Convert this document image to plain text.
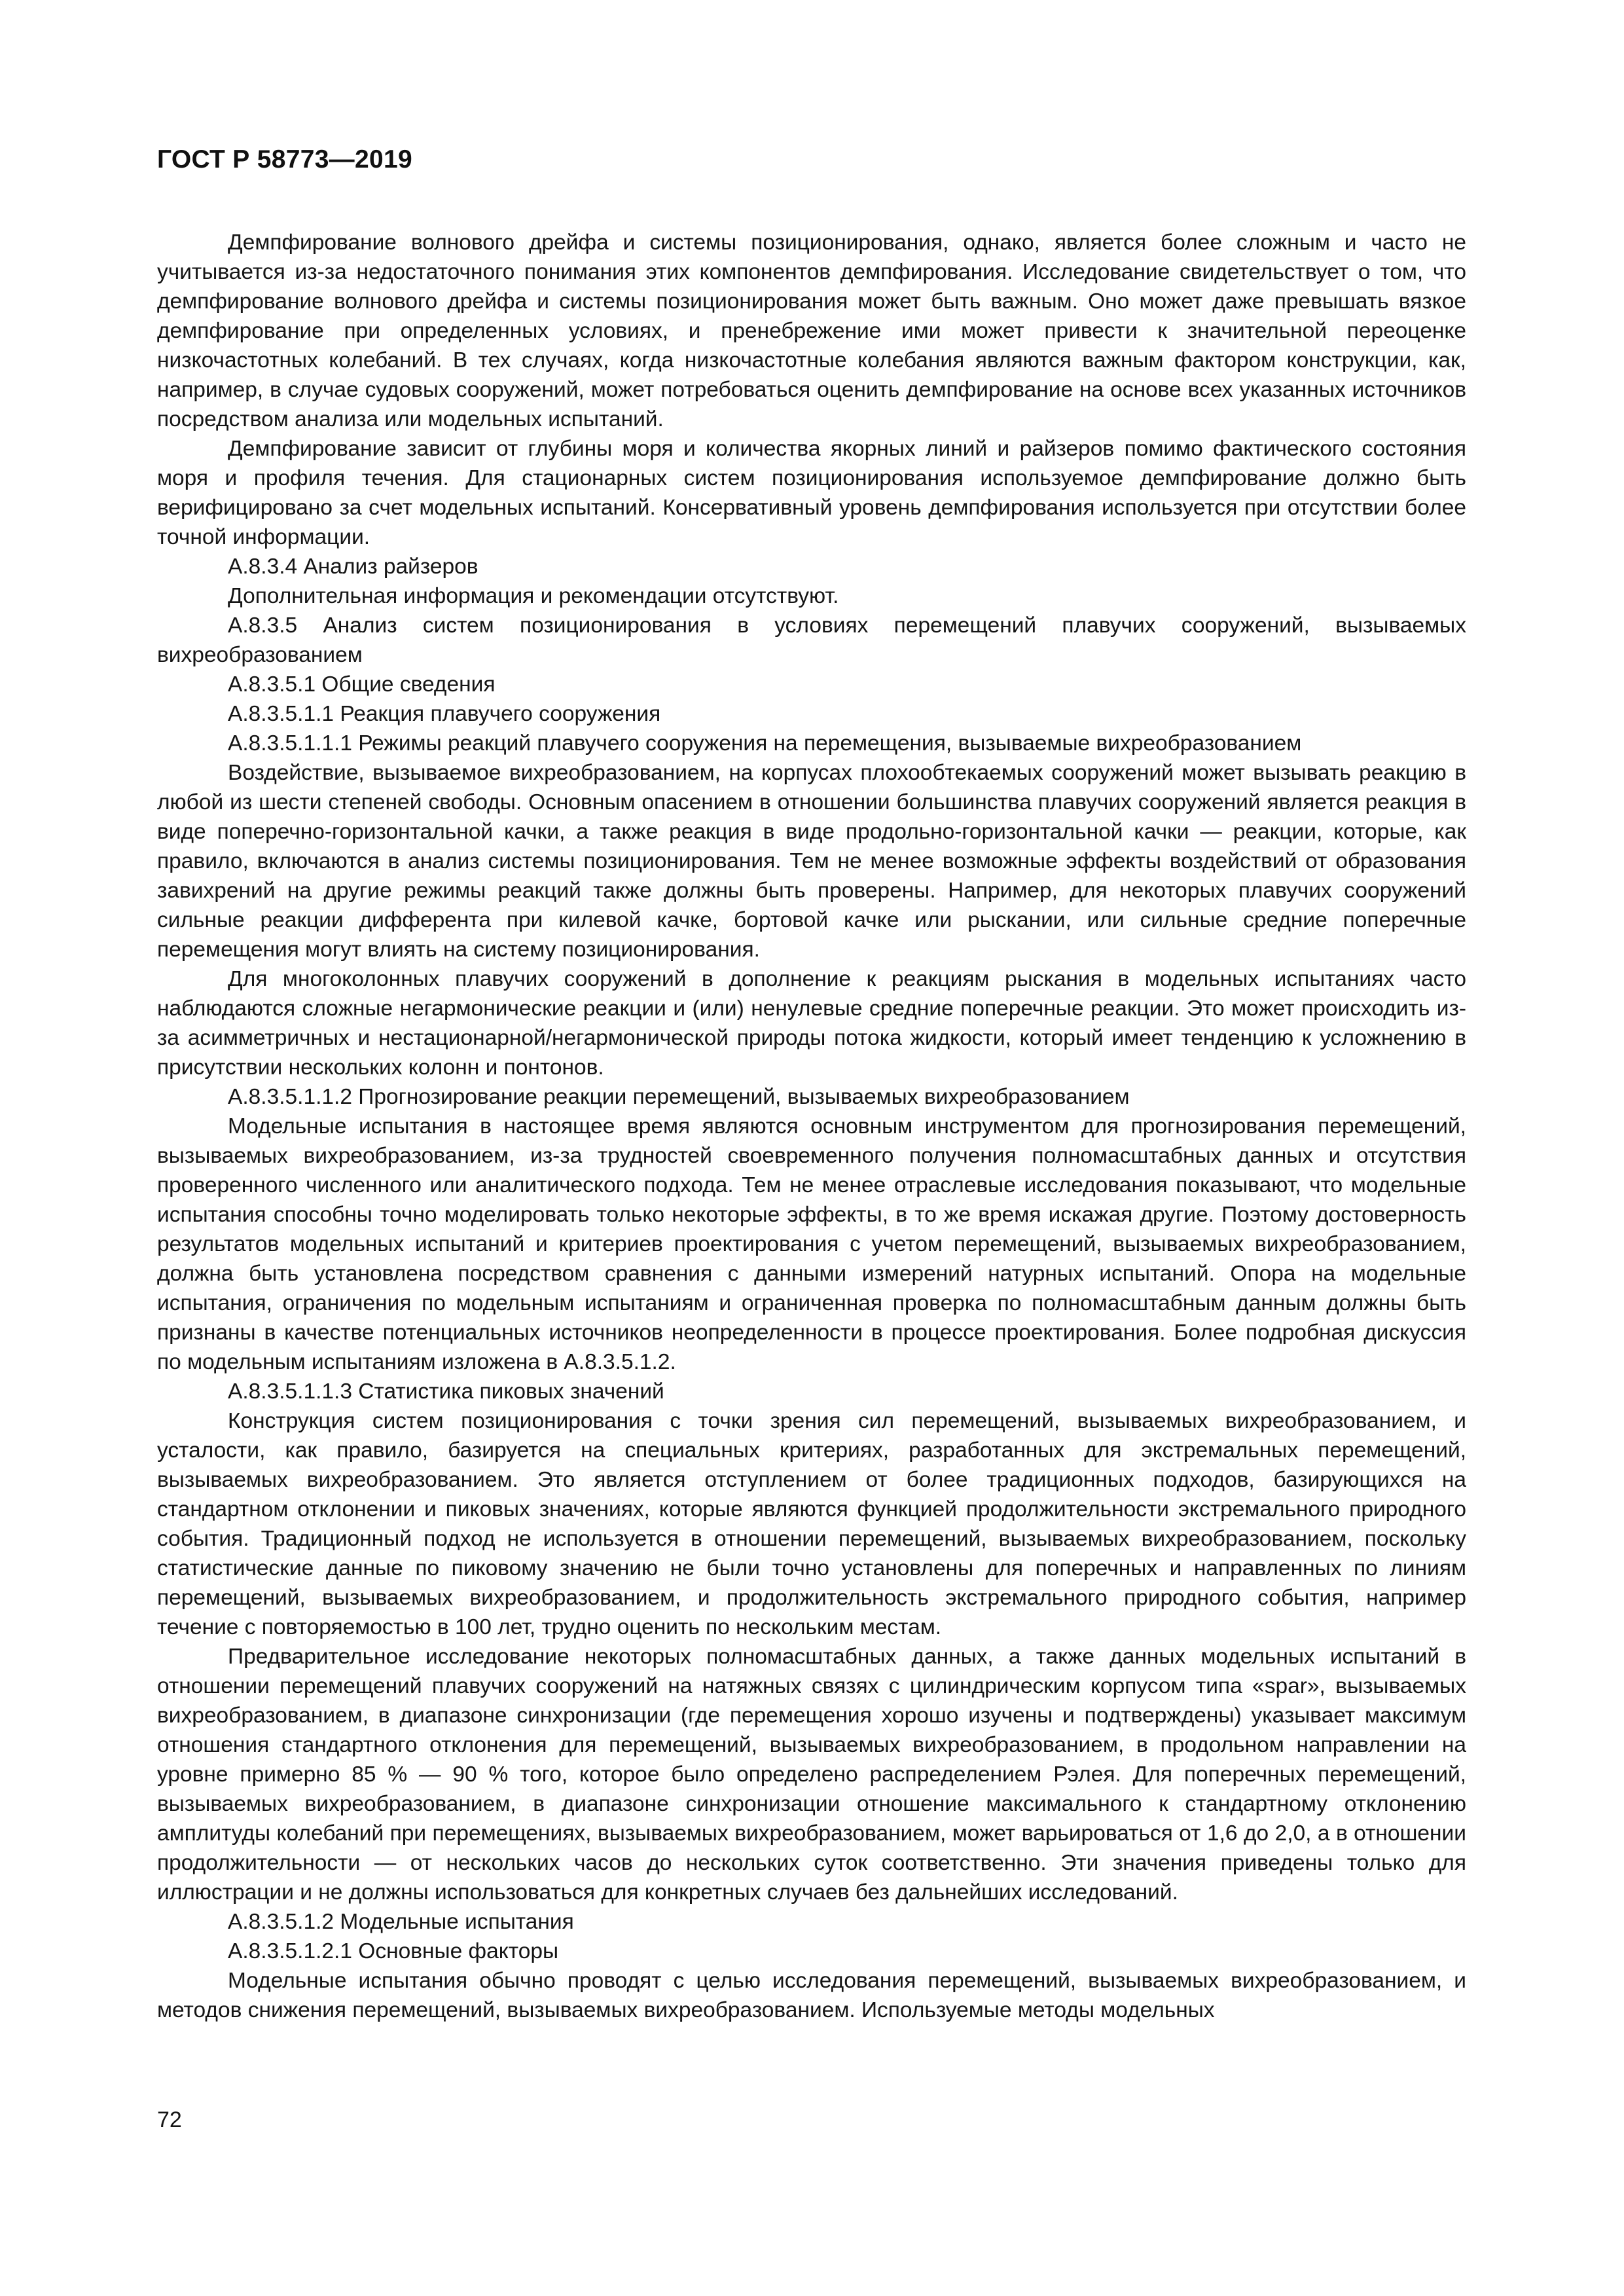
ГОСТ Р 58773—2019

Демпфирование волнового дрейфа и системы позиционирования, однако, является более сложным и часто не учитывается из-за недостаточного понимания этих компонентов демпфирования. Исследование свидетельствует о том, что демпфирование волнового дрейфа и системы позиционирования может быть важным. Оно может даже превышать вязкое демпфирование при определенных условиях, и пренебрежение ими может привести к значительной переоценке низкочастотных колебаний. В тех случаях, когда низкочастотные колебания являются важным фактором конструкции, как, например, в случае судовых сооружений, может потребоваться оценить демпфирование на основе всех указанных источников посредством анализа или модельных испытаний.

Демпфирование зависит от глубины моря и количества якорных линий и райзеров помимо фактического состояния моря и профиля течения. Для стационарных систем позиционирования используемое демпфирование должно быть верифицировано за счет модельных испытаний. Консервативный уровень демпфирования используется при отсутствии более точной информации.

А.8.3.4 Анализ райзеров

Дополнительная информация и рекомендации отсутствуют.

А.8.3.5 Анализ систем позиционирования в условиях перемещений плавучих сооружений, вызываемых вихреобразованием

А.8.3.5.1 Общие сведения

А.8.3.5.1.1 Реакция плавучего сооружения

А.8.3.5.1.1.1 Режимы реакций плавучего сооружения на перемещения, вызываемые вихреобразованием

Воздействие, вызываемое вихреобразованием, на корпусах плохообтекаемых сооружений может вызывать реакцию в любой из шести степеней свободы. Основным опасением в отношении большинства плавучих сооружений является реакция в виде поперечно-горизонтальной качки, а также реакция в виде продольно-горизонтальной качки — реакции, которые, как правило, включаются в анализ системы позиционирования. Тем не менее возможные эффекты воздействий от образования завихрений на другие режимы реакций также должны быть проверены. Например, для некоторых плавучих сооружений сильные реакции дифферента при килевой качке, бортовой качке или рыскании, или сильные средние поперечные перемещения могут влиять на систему позиционирования.

Для многоколонных плавучих сооружений в дополнение к реакциям рыскания в модельных испытаниях часто наблюдаются сложные негармонические реакции и (или) ненулевые средние поперечные реакции. Это может происходить из-за асимметричных и нестационарной/негармонической природы потока жидкости, который имеет тенденцию к усложнению в присутствии нескольких колонн и понтонов.

А.8.3.5.1.1.2 Прогнозирование реакции перемещений, вызываемых вихреобразованием

Модельные испытания в настоящее время являются основным инструментом для прогнозирования перемещений, вызываемых вихреобразованием, из-за трудностей своевременного получения полномасштабных данных и отсутствия проверенного численного или аналитического подхода. Тем не менее отраслевые исследования показывают, что модельные испытания способны точно моделировать только некоторые эффекты, в то же время искажая другие. Поэтому достоверность результатов модельных испытаний и критериев проектирования с учетом перемещений, вызываемых вихреобразованием, должна быть установлена посредством сравнения с данными измерений натурных испытаний. Опора на модельные испытания, ограничения по модельным испытаниям и ограниченная проверка по полномасштабным данным должны быть признаны в качестве потенциальных источников неопределенности в процессе проектирования. Более подробная дискуссия по модельным испытаниям изложена в А.8.3.5.1.2.

А.8.3.5.1.1.3 Статистика пиковых значений

Конструкция систем позиционирования с точки зрения сил перемещений, вызываемых вихреобразованием, и усталости, как правило, базируется на специальных критериях, разработанных для экстремальных перемещений, вызываемых вихреобразованием. Это является отступлением от более традиционных подходов, базирующихся на стандартном отклонении и пиковых значениях, которые являются функцией продолжительности экстремального природного события. Традиционный подход не используется в отношении перемещений, вызываемых вихреобразованием, поскольку статистические данные по пиковому значению не были точно установлены для поперечных и направленных по линиям перемещений, вызываемых вихреобразованием, и продолжительность экстремального природного события, например течение с повторяемостью в 100 лет, трудно оценить по нескольким местам.

Предварительное исследование некоторых полномасштабных данных, а также данных модельных испытаний в отношении перемещений плавучих сооружений на натяжных связях с цилиндрическим корпусом типа «spar», вызываемых вихреобразованием, в диапазоне синхронизации (где перемещения хорошо изучены и подтверждены) указывает максимум отношения стандартного отклонения для перемещений, вызываемых вихреобразованием, в продольном направлении на уровне примерно 85 % — 90 % того, которое было определено распределением Рэлея. Для поперечных перемещений, вызываемых вихреобразованием, в диапазоне синхронизации отношение максимального к стандартному отклонению амплитуды колебаний при перемещениях, вызываемых вихреобразованием, может варьироваться от 1,6 до 2,0, а в отношении продолжительности — от нескольких часов до нескольких суток соответственно. Эти значения приведены только для иллюстрации и не должны использоваться для конкретных случаев без дальнейших исследований.

А.8.3.5.1.2 Модельные испытания

А.8.3.5.1.2.1 Основные факторы

Модельные испытания обычно проводят с целью исследования перемещений, вызываемых вихреобразованием, и методов снижения перемещений, вызываемых вихреобразованием. Используемые методы модельных

72
